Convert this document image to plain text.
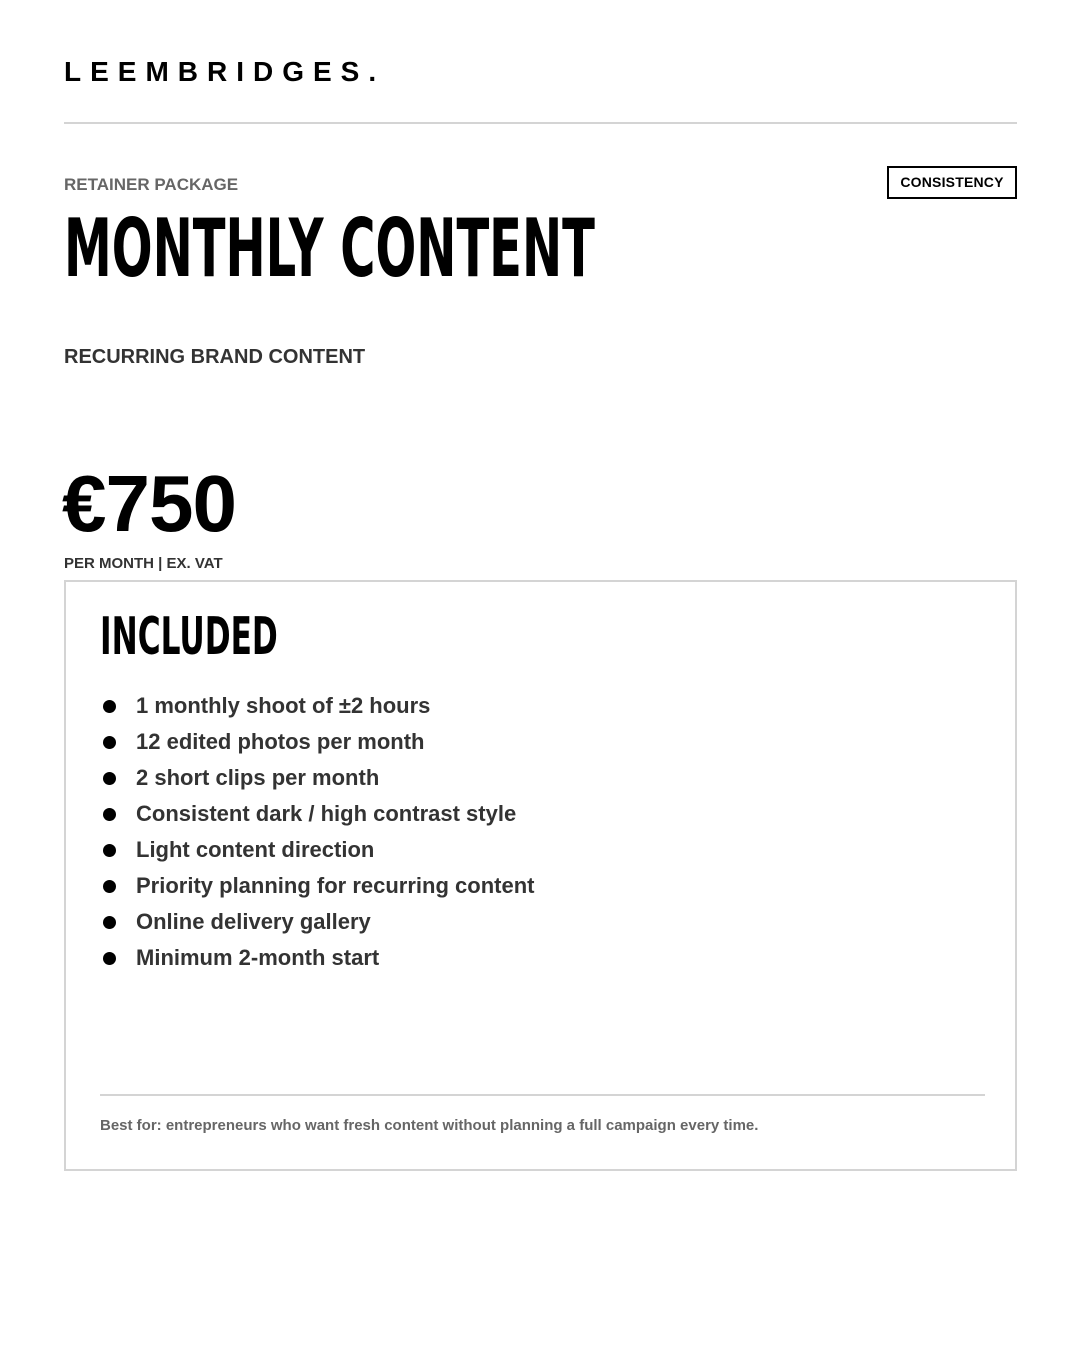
LEEMBRIDGES.
RETAINER PACKAGE	CONSISTENCY
MONTHLY CONTENT
RECURRING BRAND CONTENT
€750
PER MONTH | EX. VAT
INCLUDED
1 monthly shoot of ±2 hours
12 edited photos per month
2 short clips per month
Consistent dark / high contrast style
Light content direction
Priority planning for recurring content
Online delivery gallery
Minimum 2-month start
Best for: entrepreneurs who want fresh content without planning a full campaign every time.
